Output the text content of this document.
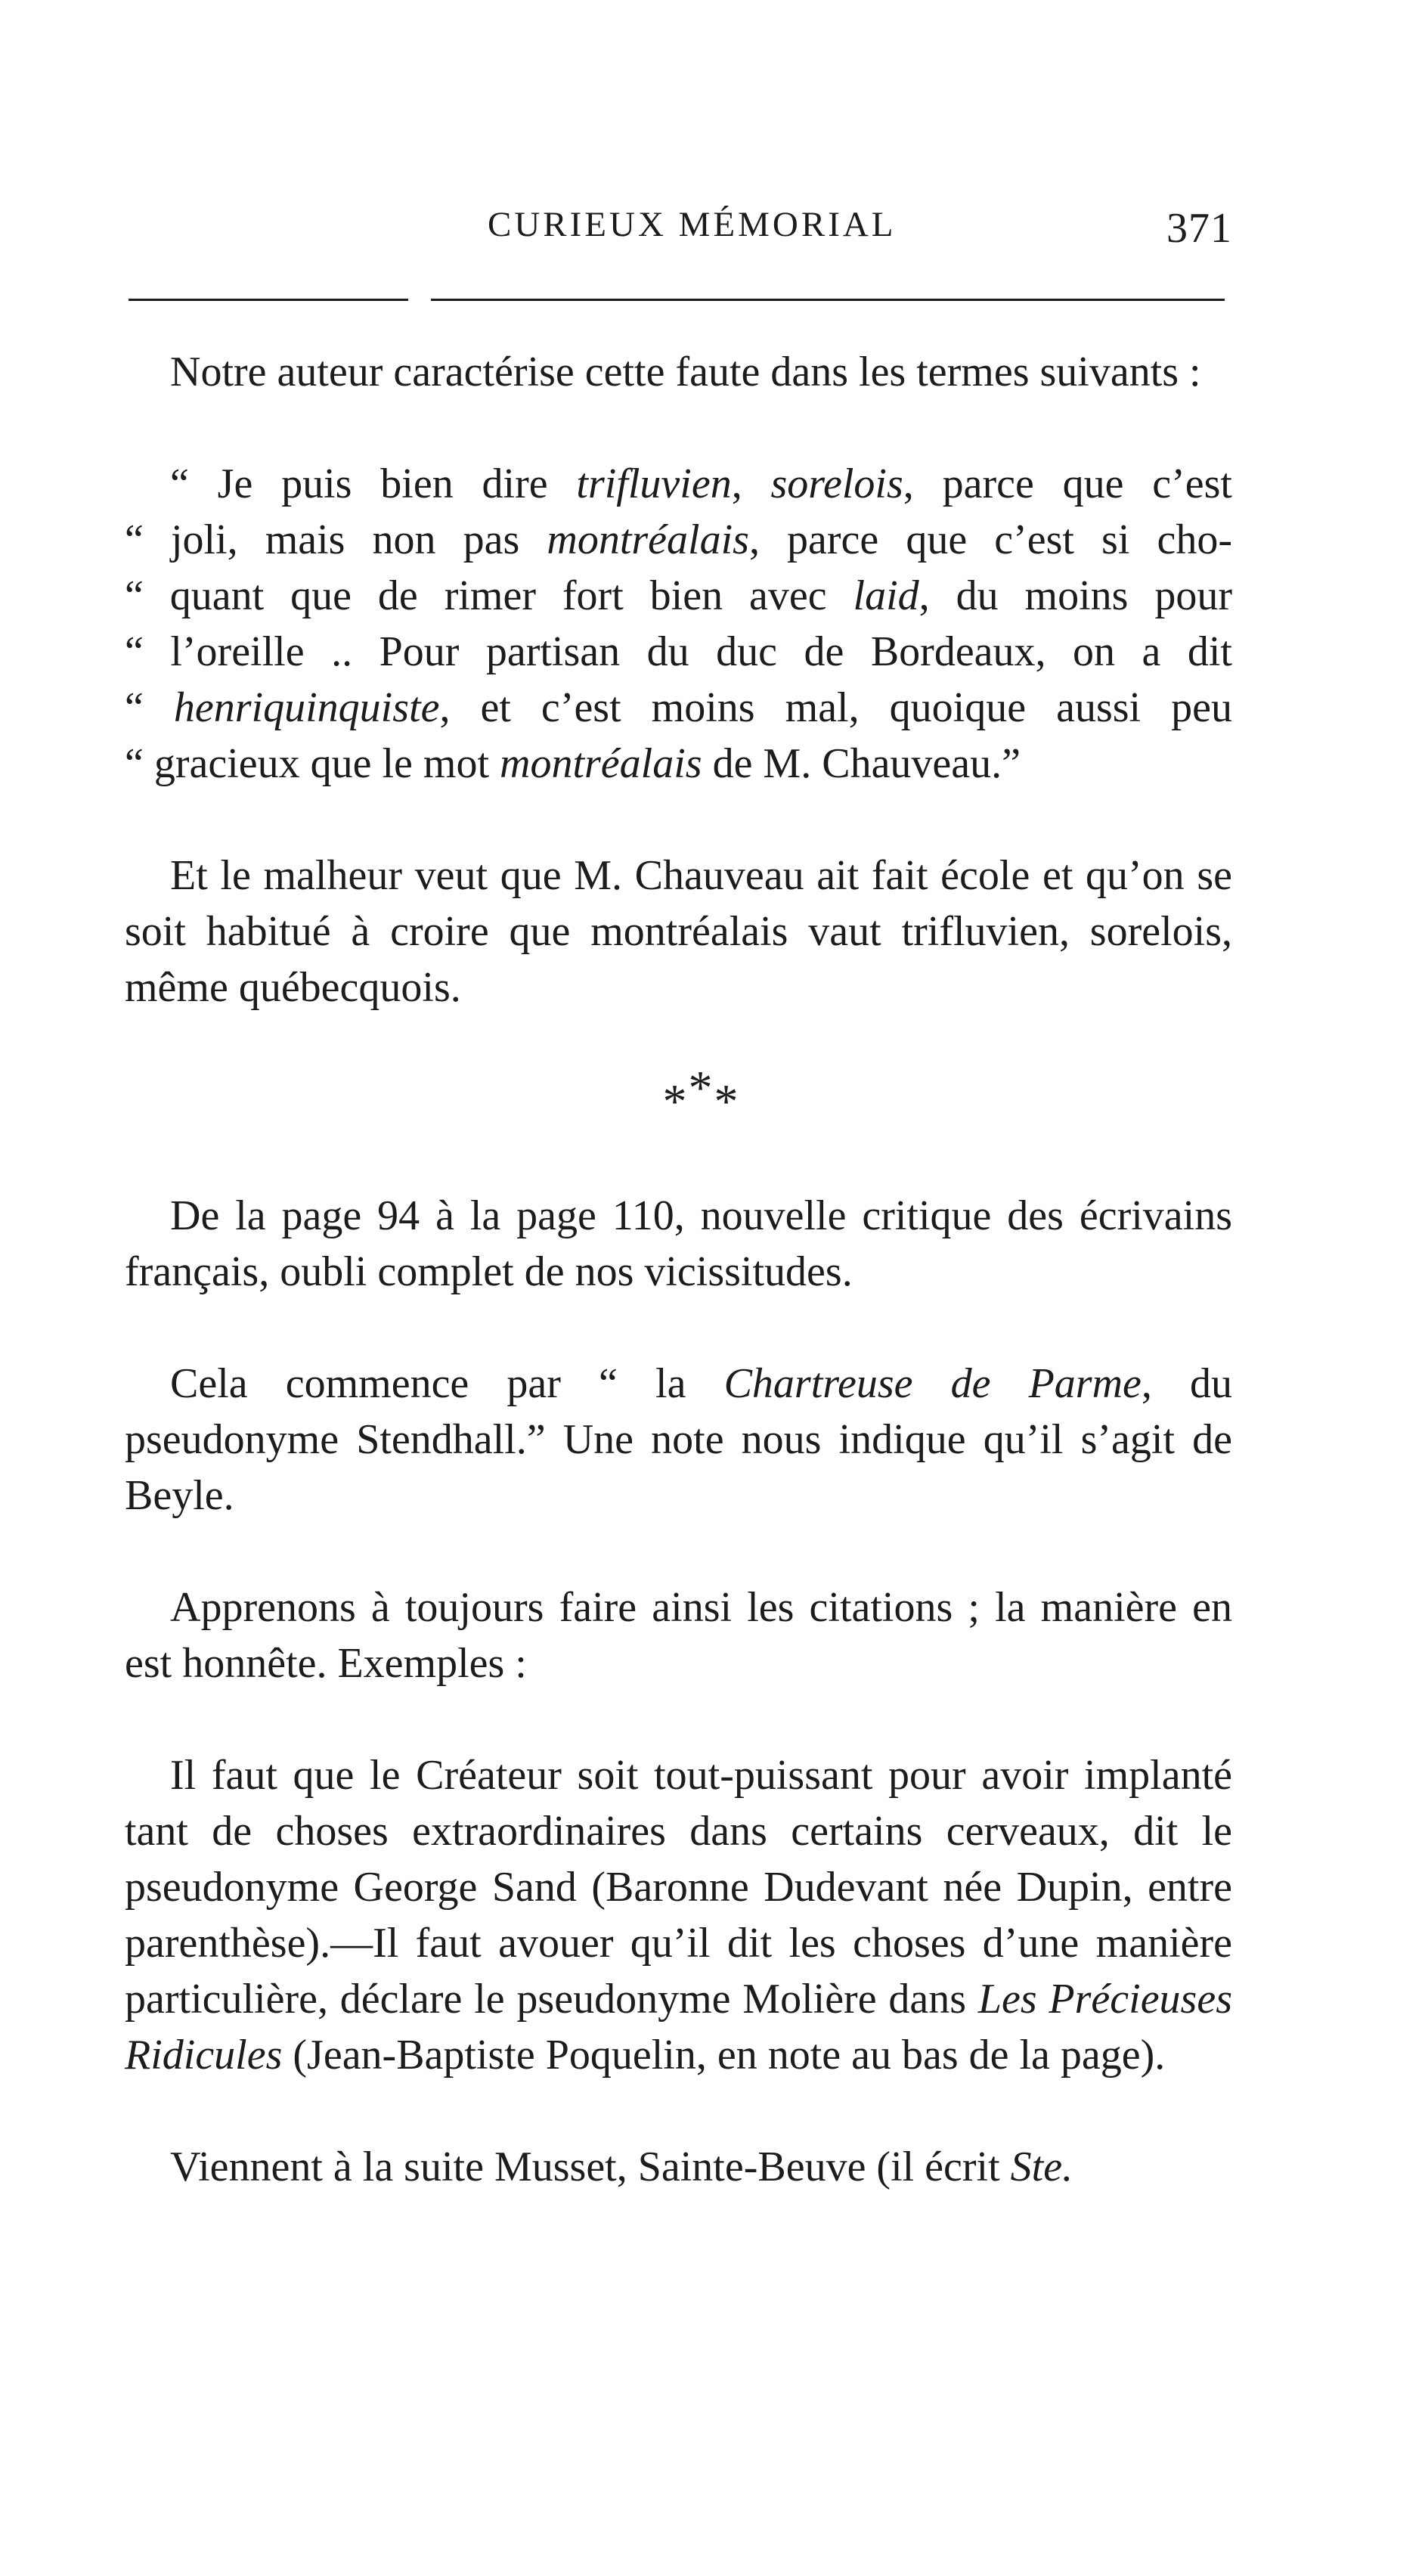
CURIEUX MÉMORIAL	371

Notre auteur caractérise cette faute dans les termes suivants :

“ Je puis bien dire trifluvien, sorelois, parce que c’est
“ joli, mais non pas montréalais, parce que c’est si cho-
“ quant que de rimer fort bien avec laid, du moins pour
“ l’oreille .. Pour partisan du duc de Bordeaux, on a dit
“ henriquinquiste, et c’est moins mal, quoique aussi peu
“ gracieux que le mot montréalais de M. Chauveau.”

Et le malheur veut que M. Chauveau ait fait école et qu’on se soit habitué à croire que montréalais vaut trifluvien, sorelois, même québecquois.

***

De la page 94 à la page 110, nouvelle critique des écrivains français, oubli complet de nos vicissitudes.

Cela commence par “ la Chartreuse de Parme, du pseudonyme Stendhall.” Une note nous indique qu’il s’agit de Beyle.

Apprenons à toujours faire ainsi les citations ; la manière en est honnête. Exemples :

Il faut que le Créateur soit tout-puissant pour avoir implanté tant de choses extraordinaires dans certains cerveaux, dit le pseudonyme George Sand (Baronne Dudevant née Dupin, entre parenthèse).—Il faut avouer qu’il dit les choses d’une manière particulière, déclare le pseudonyme Molière dans Les Précieuses Ridicules (Jean-Baptiste Poquelin, en note au bas de la page).

Viennent à la suite Musset, Sainte-Beuve (il écrit Ste.
